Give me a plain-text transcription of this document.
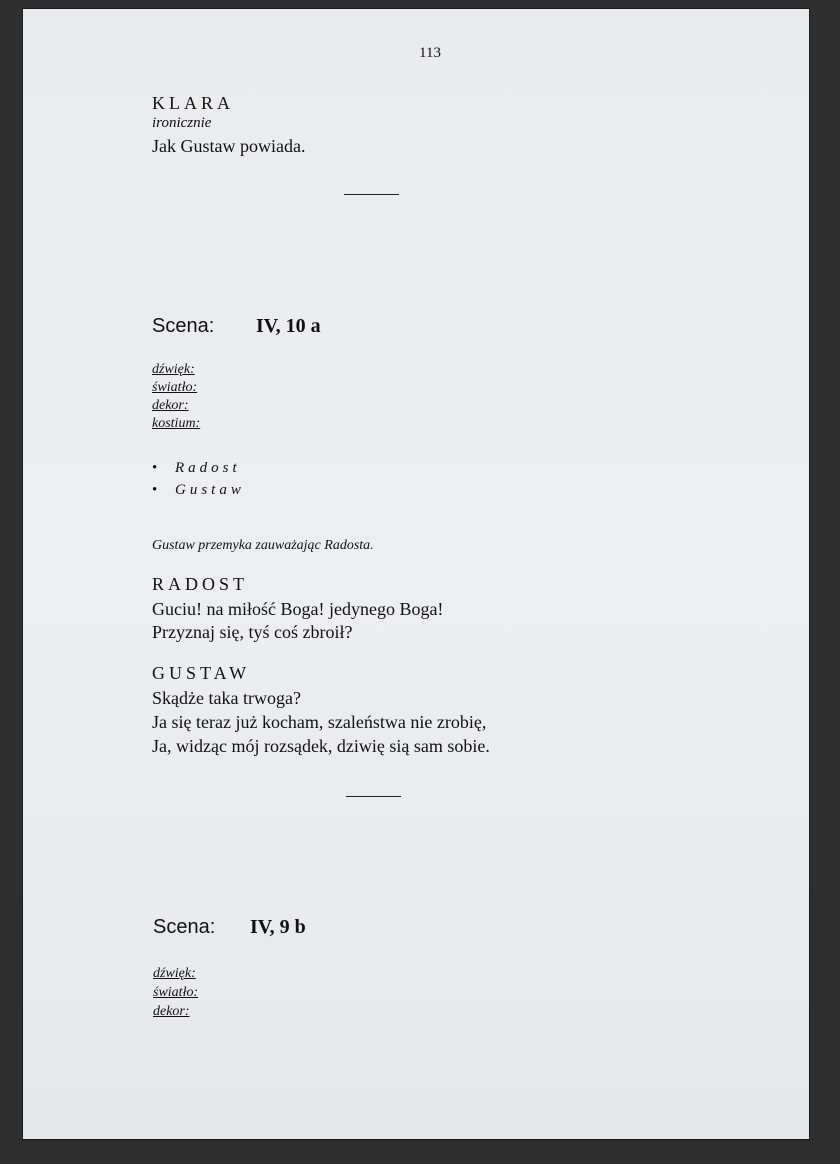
113
KLARA
ironicznie
Jak Gustaw powiada.
Scena: IV, 10 a
dźwięk:
światło:
dekor:
kostium:
• Radost
• Gustaw
Gustaw przemyka zauważając Radosta.
RADOST
Guciu! na miłość Boga! jedynego Boga!
Przyznaj się, tyś coś zbroił?
GUSTAW
Skądże taka trwoga?
Ja się teraz już kocham, szaleństwa nie zrobię,
Ja, widząc mój rozsądek, dziwię sią sam sobie.
Scena: IV, 9 b
dźwięk:
światło:
dekor:
